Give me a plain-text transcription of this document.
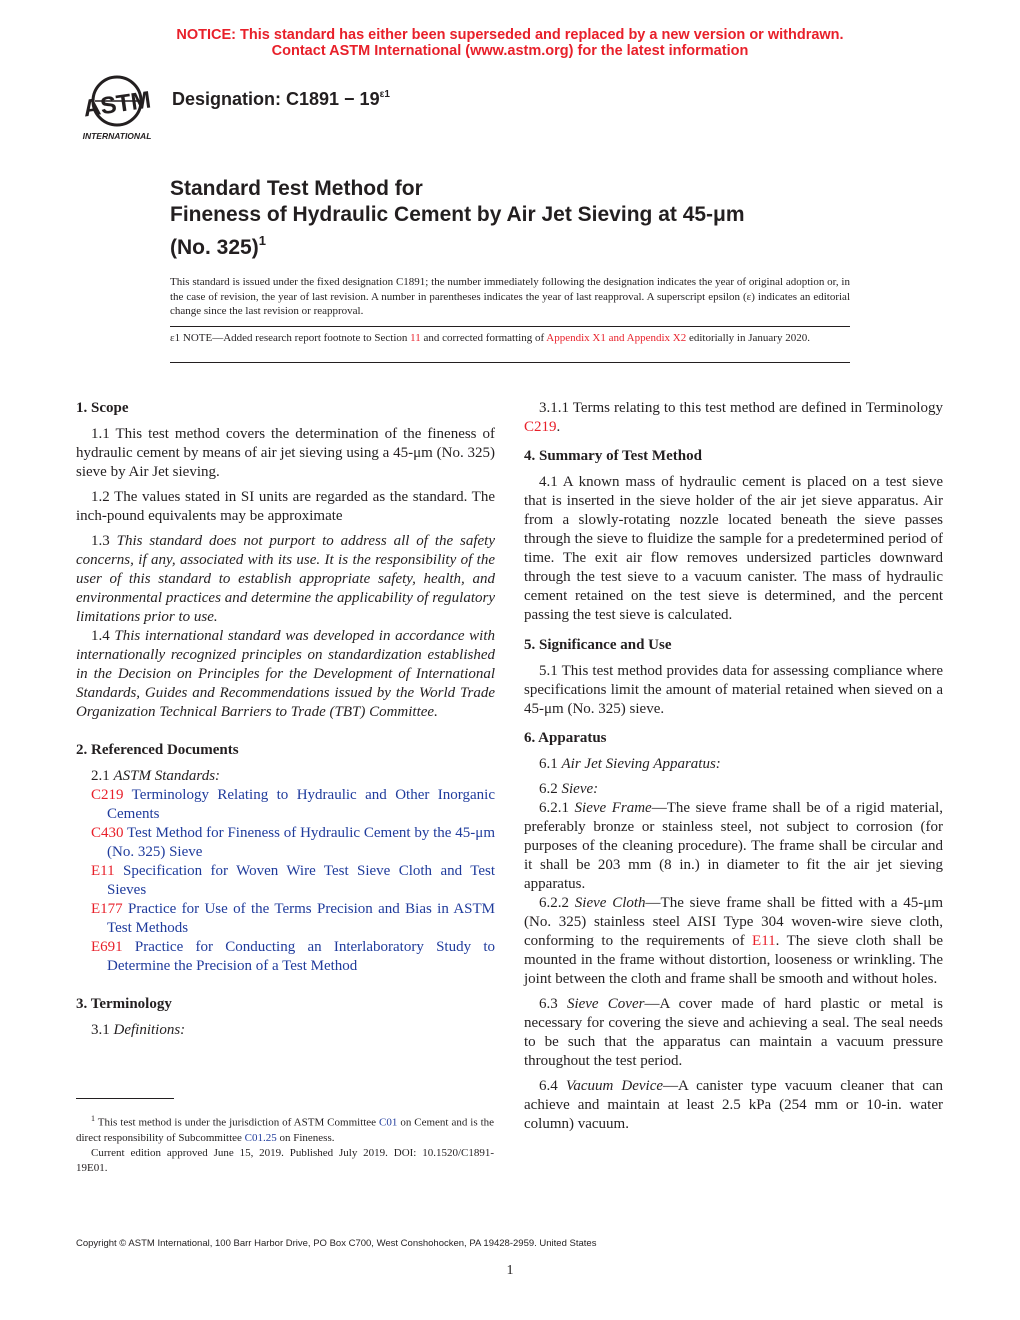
NOTICE: This standard has either been superseded and replaced by a new version or withdrawn.
Contact ASTM International (www.astm.org) for the latest information
ASTM
INTERNATIONAL
Designation: $C1891 - 19^{\varepsilon 1}$
Standard Test Method for
Fineness of Hydraulic Cement by Air Jet Sieving at 45-μm
(No. 325)$^1$
This standard is issued under the fixed designation C1891; the number immediately following the designation indicates the year of original adoption or, in the case of revision, the year of last revision. A number in parentheses indicates the year of last reapproval. A superscript epsilon (ε) indicates an editorial change since the last revision or reapproval.
ε1 NOTE—Added research report footnote to Section 11 and corrected formatting of Appendix X1 and Appendix X2 editorially in January 2020.

1. Scope

1.1 This test method covers the determination of the fineness of hydraulic cement by means of air jet sieving using a 45-μm (No. 325) sieve by Air Jet sieving.

1.2 The values stated in SI units are regarded as the standard. The inch-pound equivalents may be approximate

1.3 This standard does not purport to address all of the safety concerns, if any, associated with its use. It is the responsibility of the user of this standard to establish appropriate safety, health, and environmental practices and determine the applicability of regulatory limitations prior to use.

1.4 This international standard was developed in accordance with internationally recognized principles on standardization established in the Decision on Principles for the Development of International Standards, Guides and Recommendations issued by the World Trade Organization Technical Barriers to Trade (TBT) Committee.

2. Referenced Documents

2.1 ASTM Standards:

C219 Terminology Relating to Hydraulic and Other Inorganic Cements

C430 Test Method for Fineness of Hydraulic Cement by the 45-μm (No. 325) Sieve

E11 Specification for Woven Wire Test Sieve Cloth and Test Sieves

E177 Practice for Use of the Terms Precision and Bias in ASTM Test Methods

E691 Practice for Conducting an Interlaboratory Study to Determine the Precision of a Test Method

3. Terminology

3.1 Definitions:

$^1$ This test method is under the jurisdiction of ASTM Committee C01 on Cement and is the direct responsibility of Subcommittee C01.25 on Fineness.
Current edition approved June 15, 2019. Published July 2019. DOI: 10.1520/C1891-19E01.

3.1.1 Terms relating to this test method are defined in Terminology C219.

4. Summary of Test Method

4.1 A known mass of hydraulic cement is placed on a test sieve that is inserted in the sieve holder of the air jet sieve apparatus. Air from a slowly-rotating nozzle located beneath the sieve passes through the sieve to fluidize the sample for a predetermined period of time. The exit air flow removes undersized particles downward through the test sieve to a vacuum canister. The mass of hydraulic cement retained on the test sieve is determined, and the percent passing the test sieve is calculated.

5. Significance and Use

5.1 This test method provides data for assessing compliance where specifications limit the amount of material retained when sieved on a 45-μm (No. 325) sieve.

6. Apparatus

6.1 Air Jet Sieving Apparatus:

6.2 Sieve:

6.2.1 Sieve Frame—The sieve frame shall be of a rigid material, preferably bronze or stainless steel, not subject to corrosion (for purposes of the cleaning procedure). The frame shall be circular and it shall be 203 mm (8 in.) in diameter to fit the air jet sieving apparatus.

6.2.2 Sieve Cloth—The sieve frame shall be fitted with a 45-μm (No. 325) stainless steel AISI Type 304 woven-wire sieve cloth, conforming to the requirements of E11. The sieve cloth shall be mounted in the frame without distortion, looseness or wrinkling. The joint between the cloth and frame shall be smooth and without holes.

6.3 Sieve Cover—A cover made of hard plastic or metal is necessary for covering the sieve and achieving a seal. The seal needs to be such that the apparatus can maintain a vacuum pressure throughout the test period.

6.4 Vacuum Device—A canister type vacuum cleaner that can achieve and maintain at least 2.5 kPa (254 mm or 10-in. water column) vacuum.

Copyright © ASTM International, 100 Barr Harbor Drive, PO Box C700, West Conshohocken, PA 19428-2959. United States
1
